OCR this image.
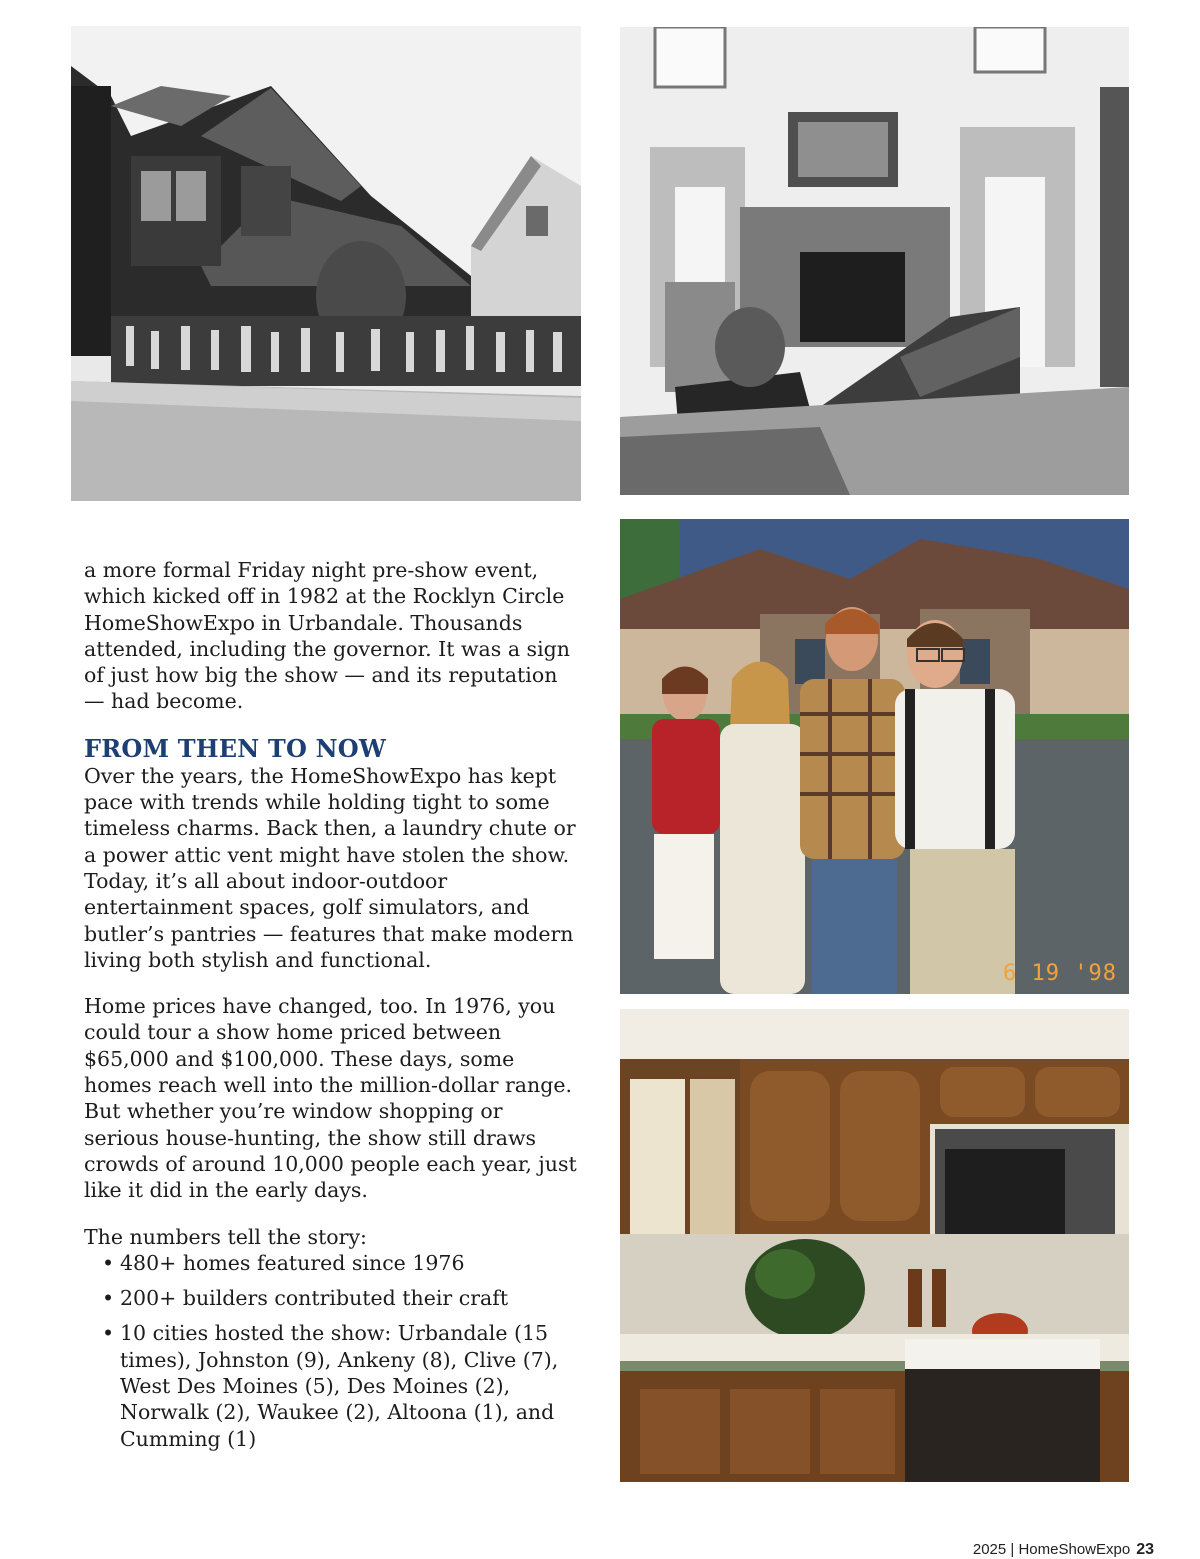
6 19 '98

a more formal Friday night pre-show event, which kicked off in 1982 at the Rocklyn Circle HomeShowExpo in Urbandale. Thousands attended, including the governor. It was a sign of just how big the show — and its reputation — had become.

FROM THEN TO NOW

Over the years, the HomeShowExpo has kept pace with trends while holding tight to some timeless charms. Back then, a laundry chute or a power attic vent might have stolen the show. Today, it’s all about indoor-outdoor entertainment spaces, golf simulators, and butler’s pantries — features that make modern living both stylish and functional.

Home prices have changed, too. In 1976, you could tour a show home priced between $65,000 and $100,000. These days, some homes reach well into the million-dollar range. But whether you’re window shopping or serious house-hunting, the show still draws crowds of around 10,000 people each year, just like it did in the early days.

The numbers tell the story:

• 480+ homes featured since 1976
• 200+ builders contributed their craft
• 10 cities hosted the show: Urbandale (15 times), Johnston (9), Ankeny (8), Clive (7), West Des Moines (5), Des Moines (2), Norwalk (2), Waukee (2), Altoona (1), and Cumming (1)
2025 | HomeShowExpo 23
